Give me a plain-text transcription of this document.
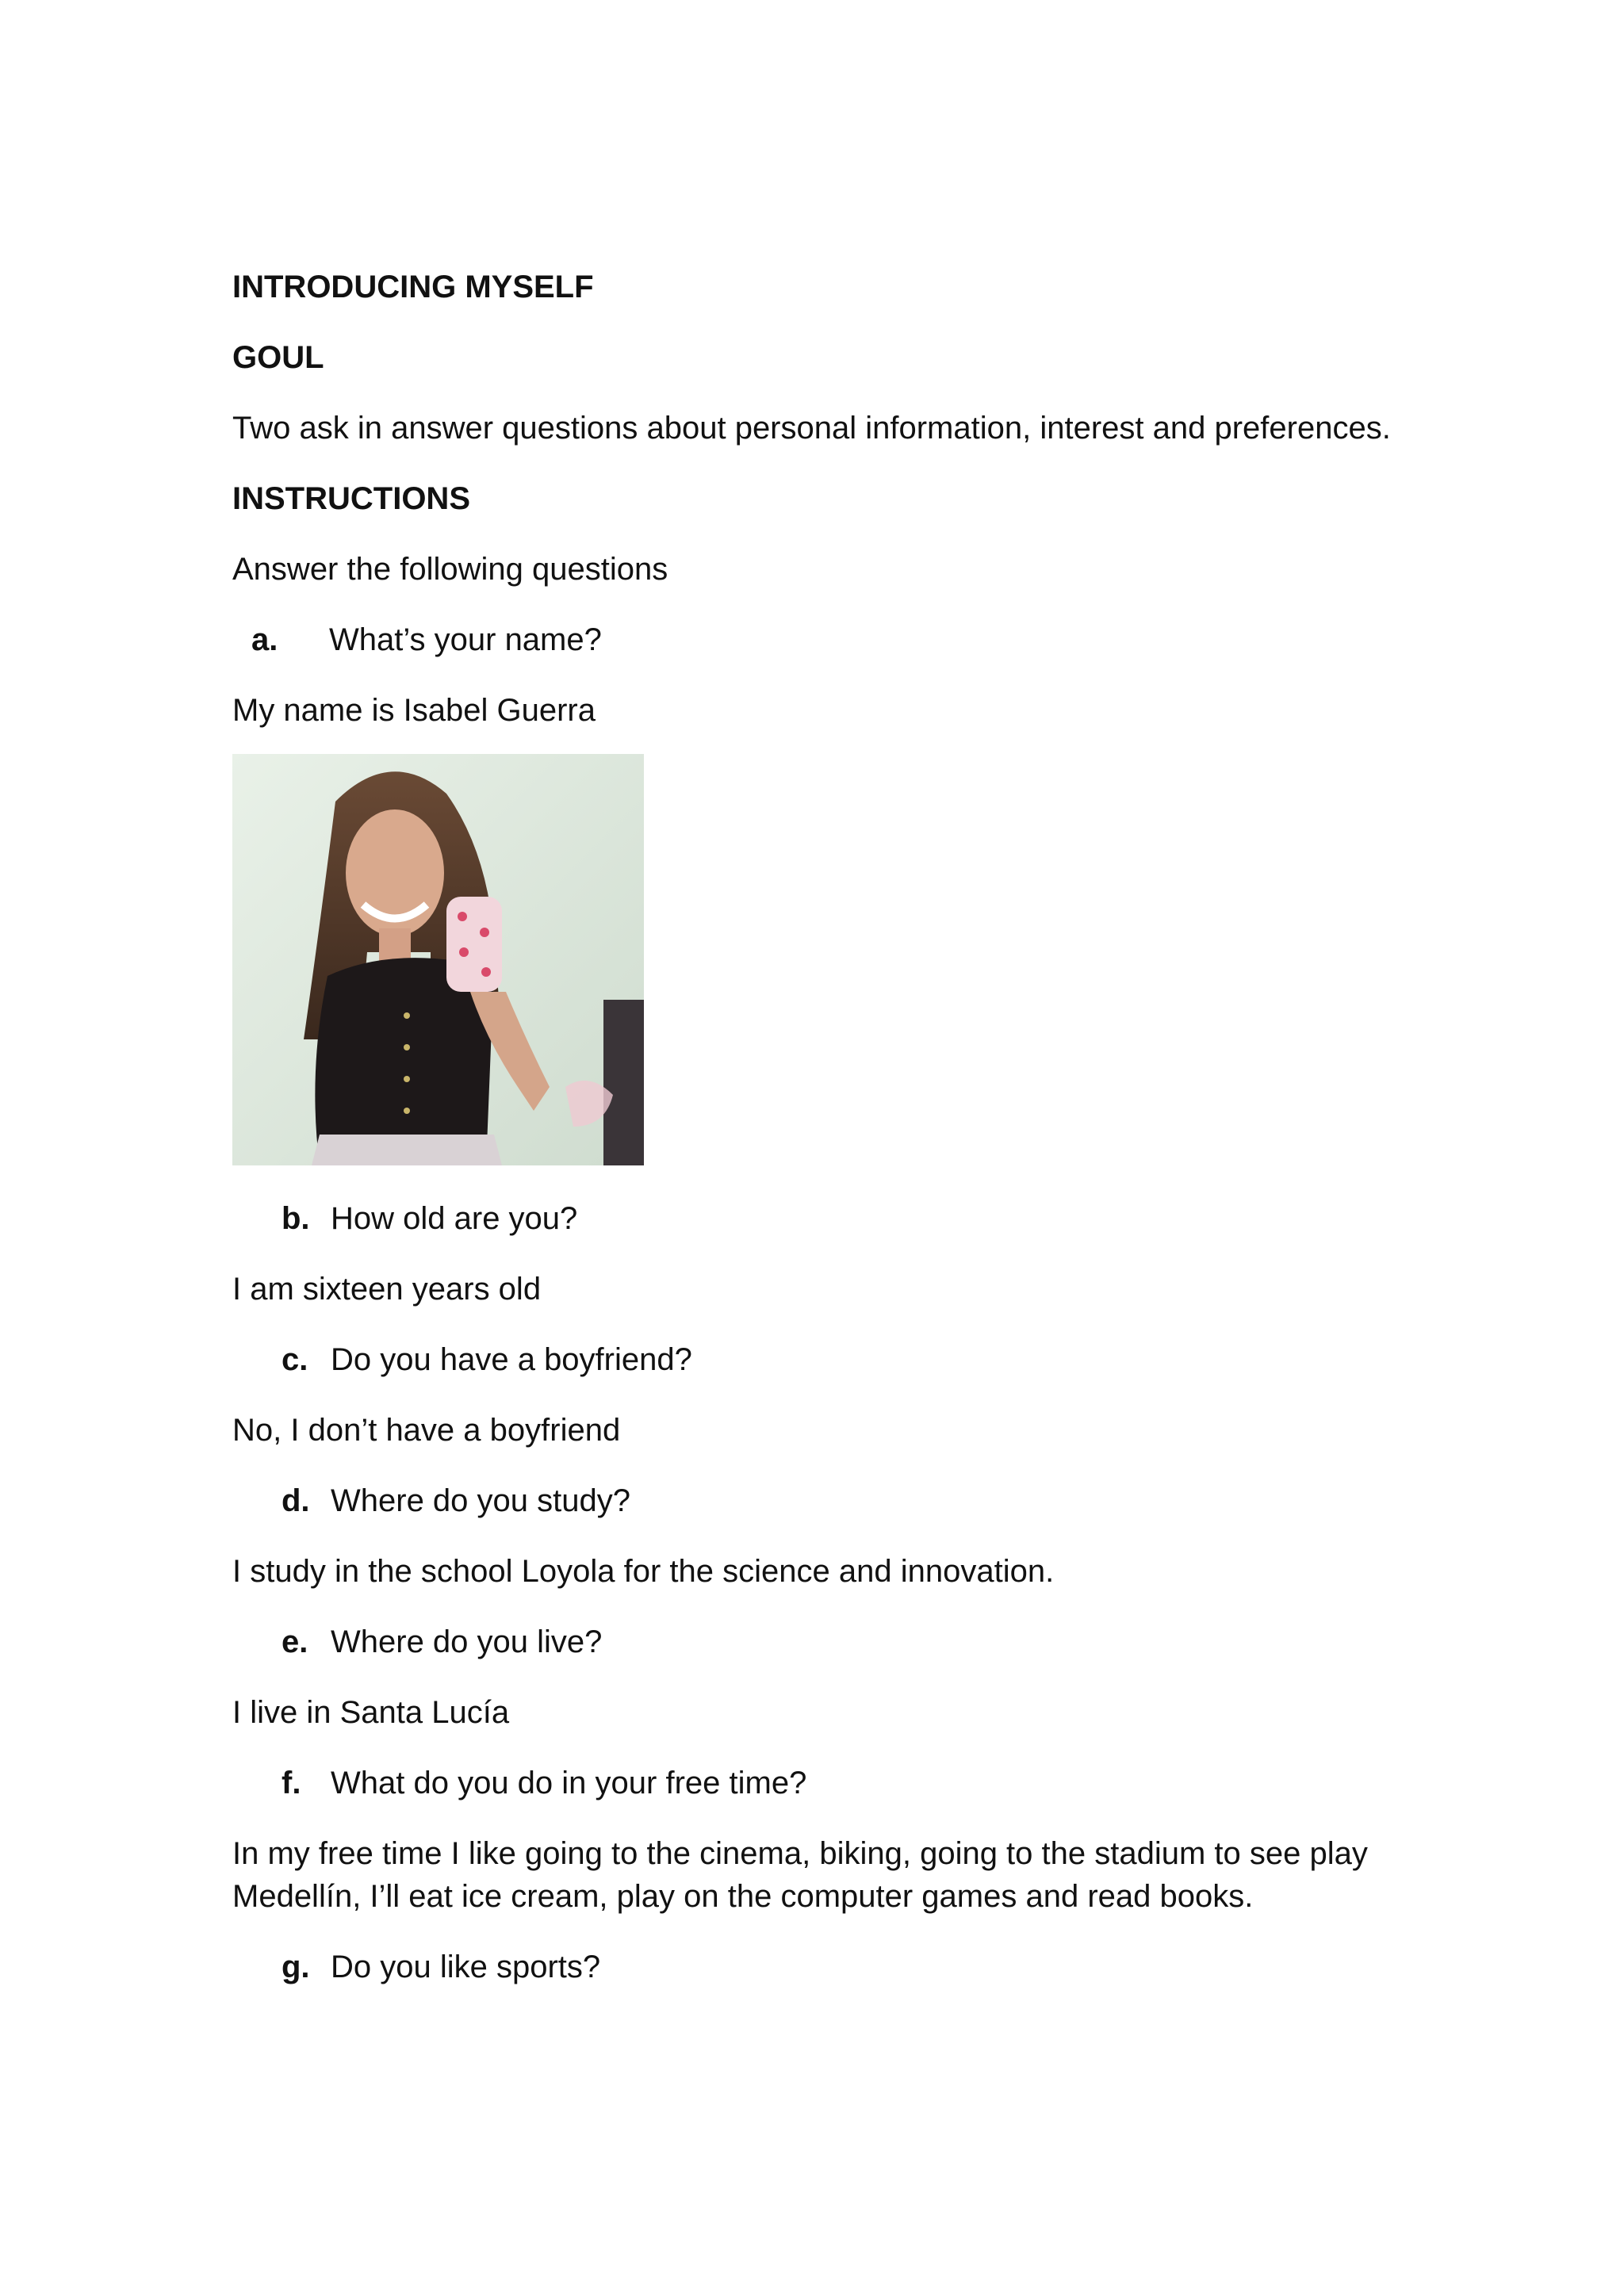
INTRODUCING MYSELF
GOUL
Two ask in answer questions about personal information, interest and preferences.
INSTRUCTIONS
Answer the following questions
a. What’s your name?
My name is Isabel Guerra
b. How old are you?
I am sixteen years old
c. Do you have a boyfriend?
No, I don’t have a boyfriend
d. Where do you study?
I study in the school Loyola for the science and innovation.
e. Where do you live?
I live in Santa Lucía
f. What do you do in your free time?
In my free time I like going to the cinema, biking, going to the stadium to see play
Medellín, I’ll eat ice cream, play on the computer games and read books.
g. Do you like sports?
